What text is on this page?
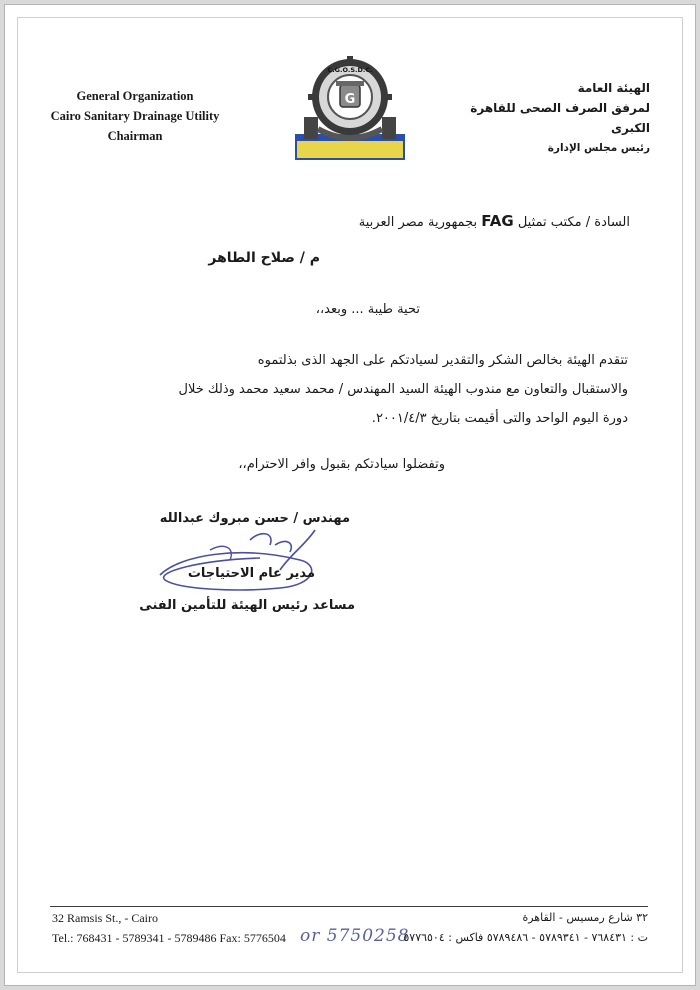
General Organization
Cairo Sanitary Drainage Utility
Chairman
G
C.G.O.S.D.C.
الهيئة العامة
لمرفق الصرف الصحى للقاهرة الكبرى
رئيس مجلس الإدارة
السادة / مكتب تمثيل FAG بجمهورية مصر العربية
م / صلاح الطاهر
تحية طيبة ... وبعد،،
تتقدم الهيئة بخالص الشكر والتقدير لسيادتكم على الجهد الذى بذلتموه
والاستقبال والتعاون مع مندوب الهيئة السيد المهندس / محمد سعيد محمد وذلك خلال
دورة اليوم الواحد والتى أقيمت بتاريخ ٢٠٠١/٤/٣.
وتفضلوا سيادتكم بقبول وافر الاحترام،،
مهندس / حسن مبروك عبدالله
مدير عام الاحتياجات
مساعد رئيس الهيئة للتأمين الفنى
32 Ramsis St., - Cairo
Tel.: 768431 - 5789341 - 5789486 Fax: 5776504 or 5750258
٣٢ شارع رمسيس - القاهرة
ت : ٧٦٨٤٣١ - ٥٧٨٩٣٤١ - ٥٧٨٩٤٨٦ فاكس : ٥٧٧٦٥٠٤
